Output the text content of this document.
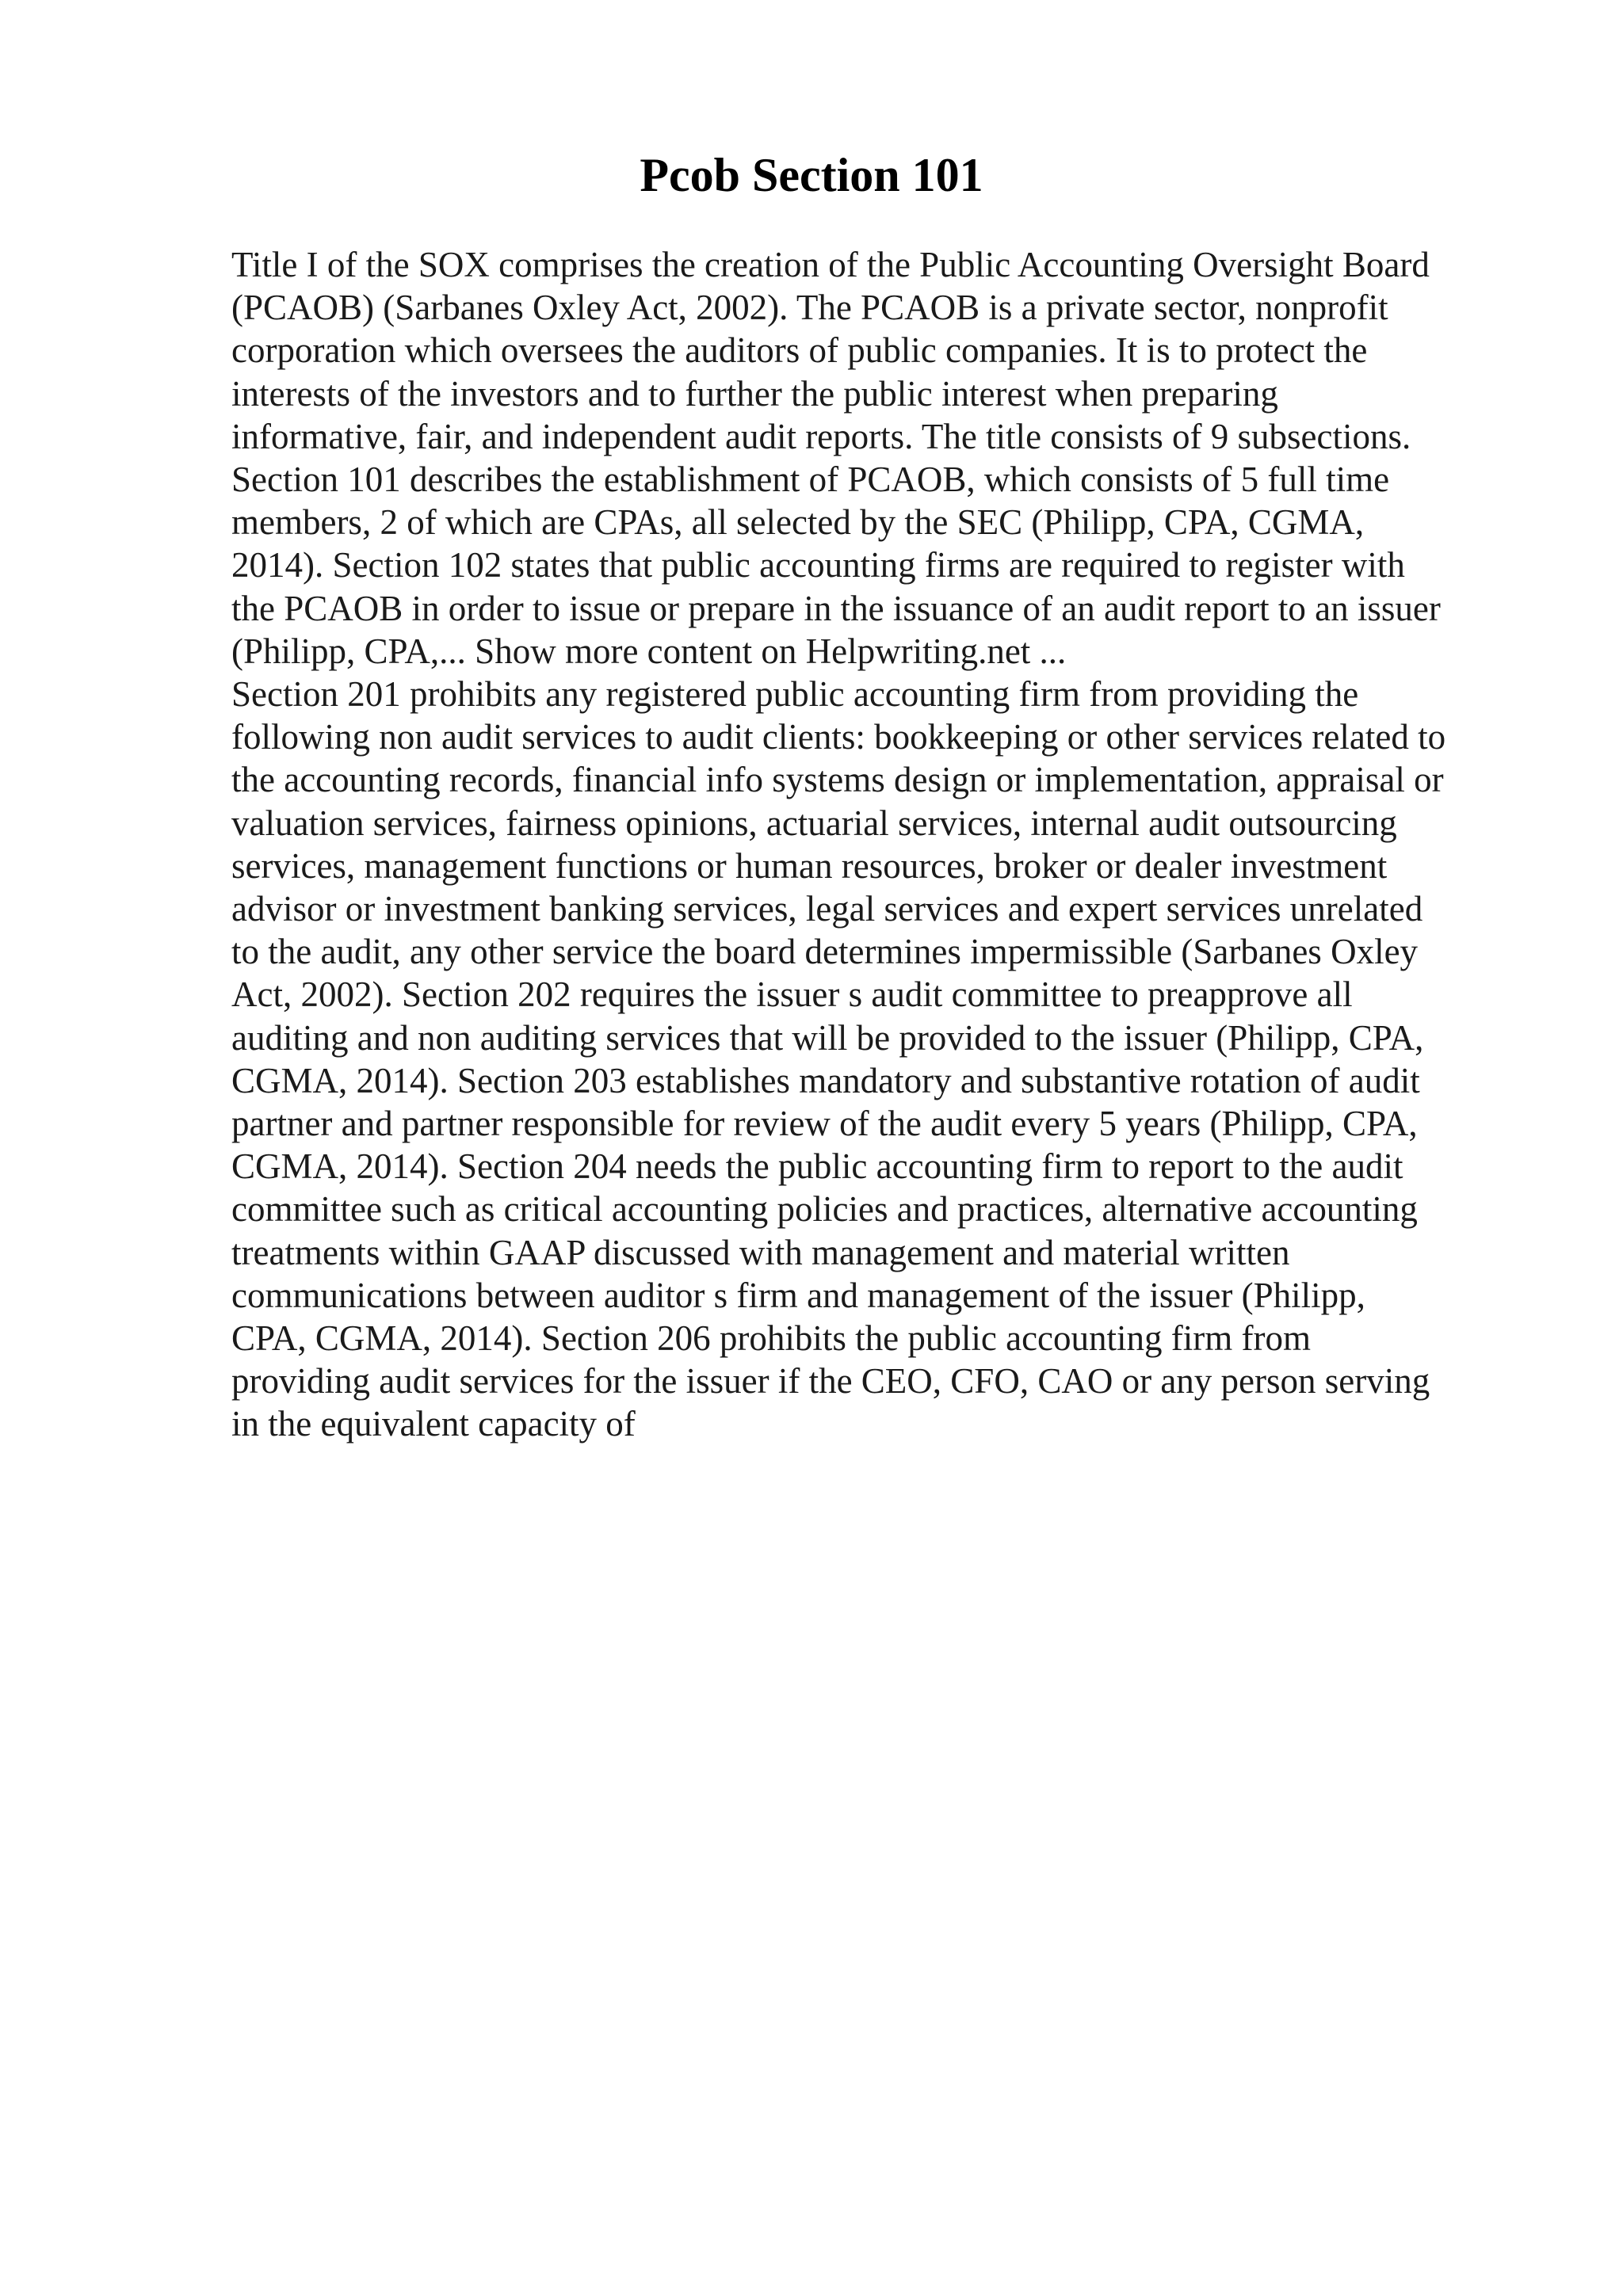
Pcob Section 101

Title I of the SOX comprises the creation of the Public Accounting Oversight Board
(PCAOB) (Sarbanes Oxley Act, 2002). The PCAOB is a private sector, nonprofit
corporation which oversees the auditors of public companies. It is to protect the
interests of the investors and to further the public interest when preparing
informative, fair, and independent audit reports. The title consists of 9 subsections.
Section 101 describes the establishment of PCAOB, which consists of 5 full time
members, 2 of which are CPAs, all selected by the SEC (Philipp, CPA, CGMA,
2014). Section 102 states that public accounting firms are required to register with
the PCAOB in order to issue or prepare in the issuance of an audit report to an issuer
(Philipp, CPA,... Show more content on Helpwriting.net ...

Section 201 prohibits any registered public accounting firm from providing the
following non audit services to audit clients: bookkeeping or other services related to
the accounting records, financial info systems design or implementation, appraisal or
valuation services, fairness opinions, actuarial services, internal audit outsourcing
services, management functions or human resources, broker or dealer investment
advisor or investment banking services, legal services and expert services unrelated
to the audit, any other service the board determines impermissible (Sarbanes Oxley
Act, 2002). Section 202 requires the issuer s audit committee to preapprove all
auditing and non auditing services that will be provided to the issuer (Philipp, CPA,
CGMA, 2014). Section 203 establishes mandatory and substantive rotation of audit
partner and partner responsible for review of the audit every 5 years (Philipp, CPA,
CGMA, 2014). Section 204 needs the public accounting firm to report to the audit
committee such as critical accounting policies and practices, alternative accounting
treatments within GAAP discussed with management and material written
communications between auditor s firm and management of the issuer (Philipp,
CPA, CGMA, 2014). Section 206 prohibits the public accounting firm from
providing audit services for the issuer if the CEO, CFO, CAO or any person serving
in the equivalent capacity of
